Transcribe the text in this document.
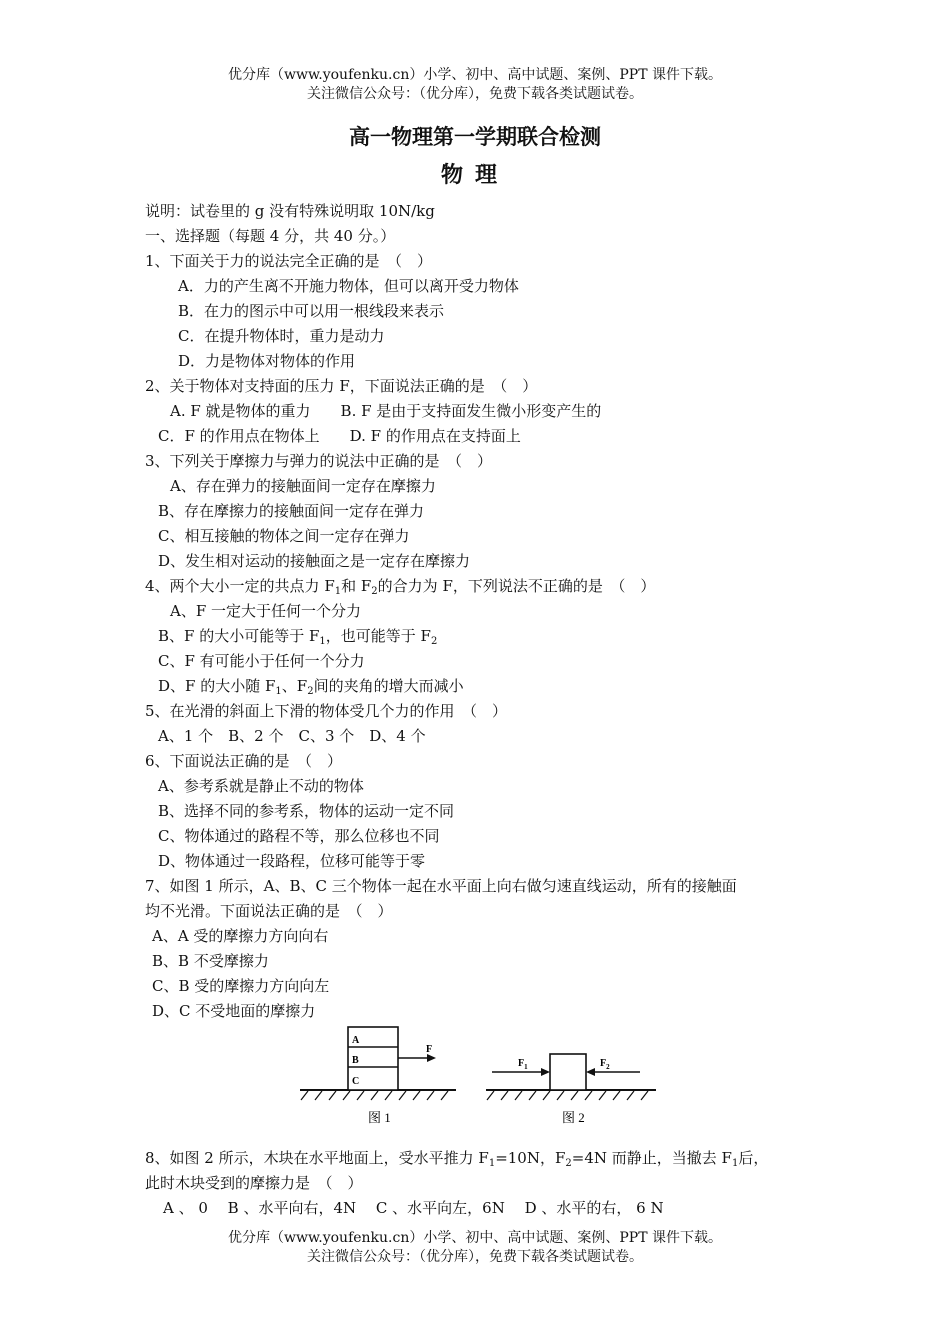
优分库（www.youfenku.cn）小学、初中、高中试题、案例、PPT 课件下载。
关注微信公众号：（优分库），免费下载各类试题试卷。
高一物理第一学期联合检测
物理
说明：试卷里的 g 没有特殊说明取 10N/kg
一、选择题（每题 4 分，共 40 分。）
1、下面关于力的说法完全正确的是　（　）
A．力的产生离不开施力物体，但可以离开受力物体
B．在力的图示中可以用一根线段来表示
C．在提升物体时，重力是动力
D．力是物体对物体的作用
2、关于物体对支持面的压力 F，下面说法正确的是　（　）
A. F 就是物体的重力　　B. F 是由于支持面发生微小形变产生的
C．F 的作用点在物体上　　D. F 的作用点在支持面上
3、下列关于摩擦力与弹力的说法中正确的是　（　）
A、存在弹力的接触面间一定存在摩擦力
B、存在摩擦力的接触面间一定存在弹力
C、相互接触的物体之间一定存在弹力
D、发生相对运动的接触面之是一定存在摩擦力
4、两个大小一定的共点力 $F_1$和 $F_2$的合力为 F，下列说法不正确的是　（　）
A、F 一定大于任何一个分力
B、F 的大小可能等于 $F_1$，也可能等于 $F_2$
C、F 有可能小于任何一个分力
D、F 的大小随 $F_1$、$F_2$间的夹角的增大而减小
5、在光滑的斜面上下滑的物体受几个力的作用　（　）
A、1 个　B、2 个　C、3 个　D、4 个
6、下面说法正确的是　（　）
A、参考系就是静止不动的物体
B、选择不同的参考系，物体的运动一定不同
C、物体通过的路程不等，那么位移也不同
D、物体通过一段路程，位移可能等于零
7、如图 1 所示，A、B、C 三个物体一起在水平面上向右做匀速直线运动，所有的接触面
均不光滑。下面说法正确的是　（　）
A、A 受的摩擦力方向向右
B、B 不受摩擦力
C、B 受的摩擦力方向向左
D、C 不受地面的摩擦力
A
B
C
F
图 1
$F_1$	$F_2$
图 2
8、如图 2 所示，木块在水平地面上，受水平推力 $F_1=10N$，$F_2=4N$ 而静止，当撤去 $F_1$后，
此时木块受到的摩擦力是　（　）
A 、 0　 B 、水平向右，4N　 C 、水平向左，6N　 D 、水平的右， 6 N
优分库（www.youfenku.cn）小学、初中、高中试题、案例、PPT 课件下载。
关注微信公众号：（优分库），免费下载各类试题试卷。
